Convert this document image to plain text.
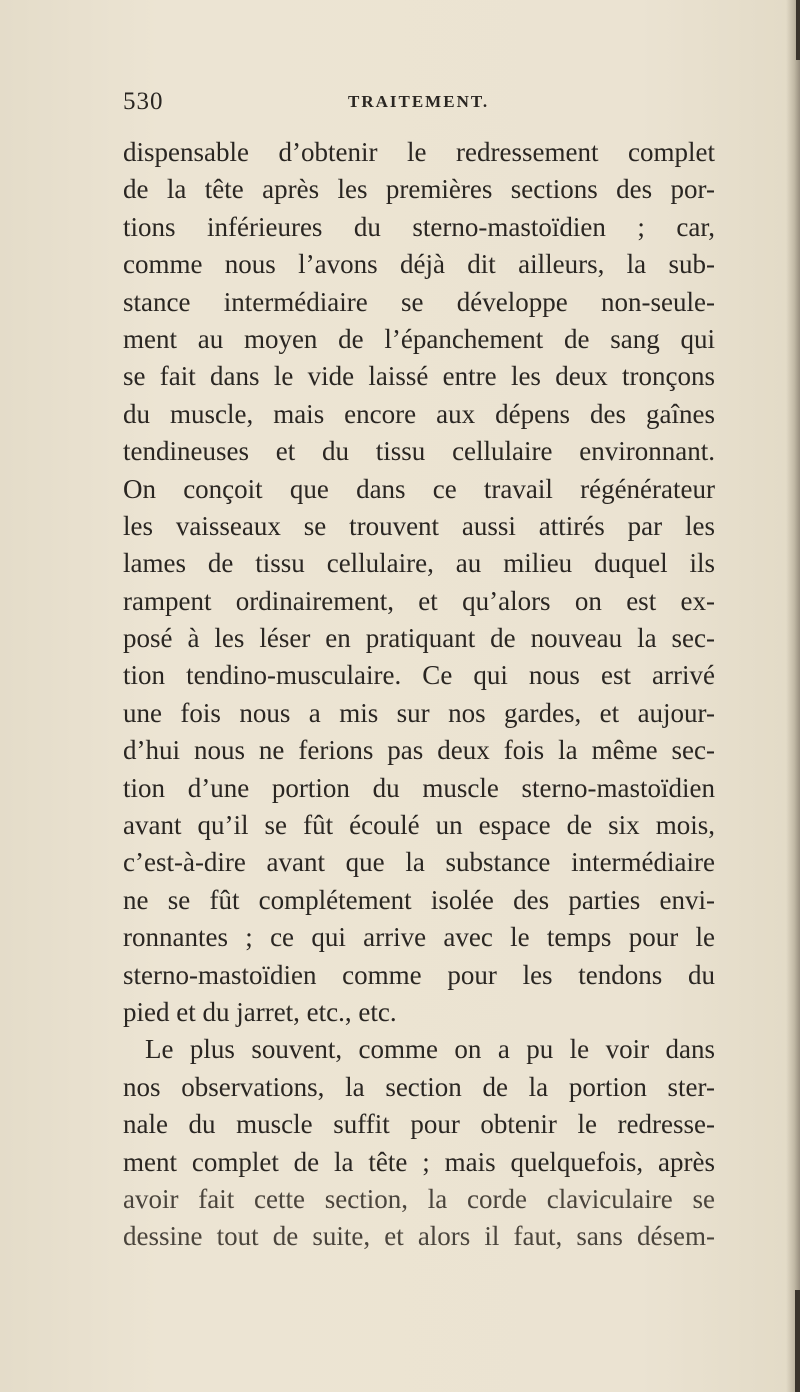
530	TRAITEMENT.
dispensable d’obtenir le redressement complet
de la tête après les premières sections des por-
tions inférieures du sterno-mastoïdien ; car,
comme nous l’avons déjà dit ailleurs, la sub-
stance intermédiaire se développe non-seule-
ment au moyen de l’épanchement de sang qui
se fait dans le vide laissé entre les deux tronçons
du muscle, mais encore aux dépens des gaînes
tendineuses et du tissu cellulaire environnant.
On conçoit que dans ce travail régénérateur
les vaisseaux se trouvent aussi attirés par les
lames de tissu cellulaire, au milieu duquel ils
rampent ordinairement, et qu’alors on est ex-
posé à les léser en pratiquant de nouveau la sec-
tion tendino-musculaire. Ce qui nous est arrivé
une fois nous a mis sur nos gardes, et aujour-
d’hui nous ne ferions pas deux fois la même sec-
tion d’une portion du muscle sterno-mastoïdien
avant qu’il se fût écoulé un espace de six mois,
c’est-à-dire avant que la substance intermédiaire
ne se fût complétement isolée des parties envi-
ronnantes ; ce qui arrive avec le temps pour le
sterno-mastoïdien comme pour les tendons du
pied et du jarret, etc., etc.
Le plus souvent, comme on a pu le voir dans
nos observations, la section de la portion ster-
nale du muscle suffit pour obtenir le redresse-
ment complet de la tête ; mais quelquefois, après
avoir fait cette section, la corde claviculaire se
dessine tout de suite, et alors il faut, sans désem-
